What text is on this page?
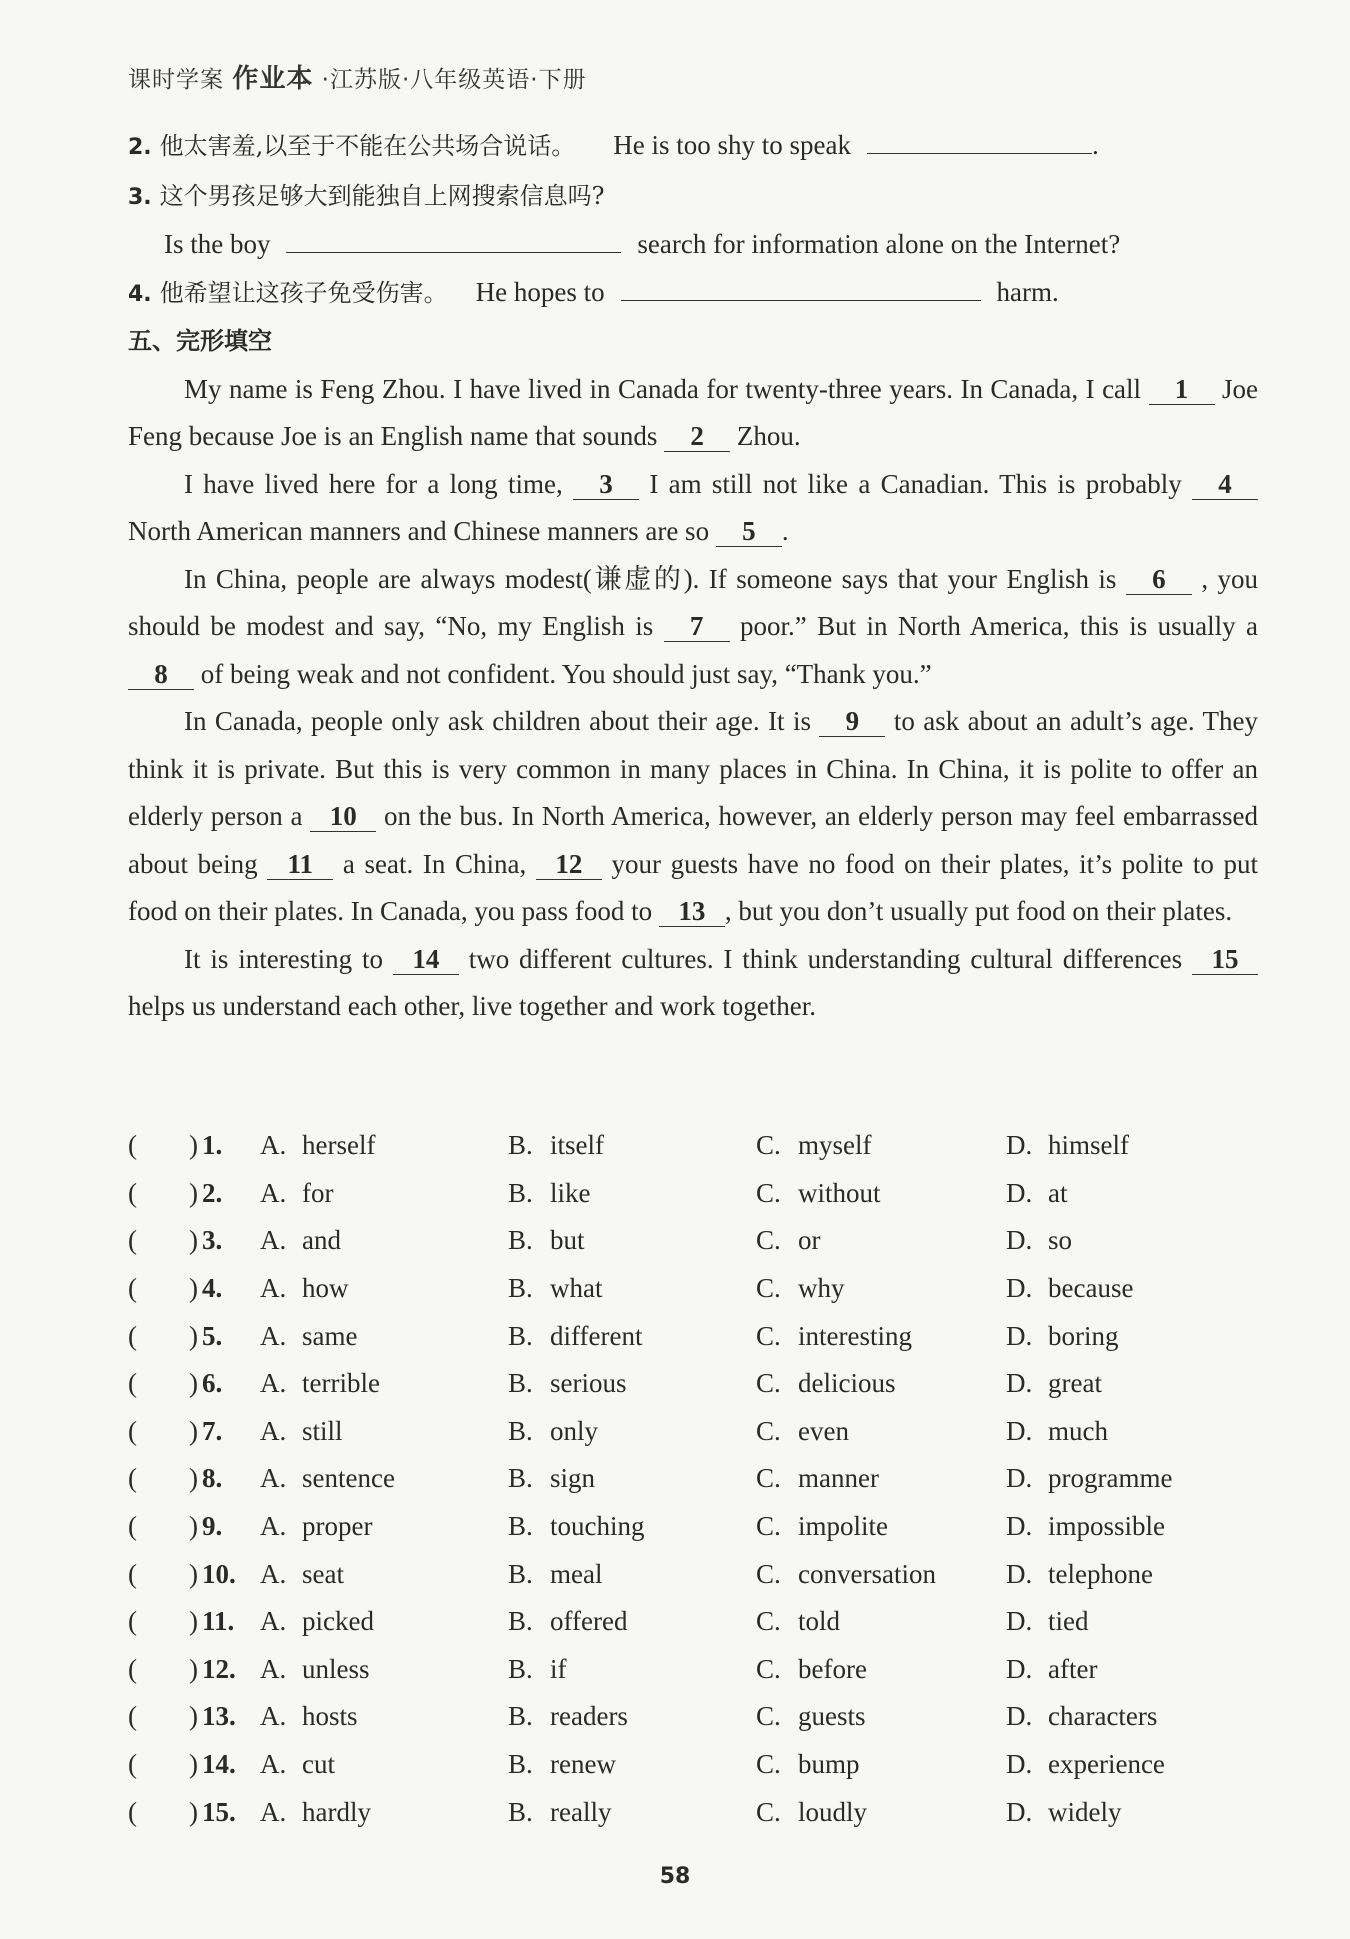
课时学案 作业本 ·江苏版·八年级英语·下册
2. 他太害羞,以至于不能在公共场合说话。 He is too shy to speak	.
3. 这个男孩足够大到能独自上网搜索信息吗?
Is the boy	search for information alone on the Internet?
4. 他希望让这孩子免受伤害。 He hopes to	harm.
五、完形填空
My name is Feng Zhou. I have lived in Canada for twenty-three years. In Canada, I call 1 Joe Feng because Joe is an English name that sounds 2 Zhou.
I have lived here for a long time, 3 I am still not like a Canadian. This is probably 4 North American manners and Chinese manners are so 5 .
In China, people are always modest(谦虚的). If someone says that your English is 6 , you should be modest and say, “No, my English is 7 poor.” But in North America, this is usually a 8 of being weak and not confident. You should just say, “Thank you.”
In Canada, people only ask children about their age. It is 9 to ask about an adult’s age. They think it is private. But this is very common in many places in China. In China, it is polite to offer an elderly person a 10 on the bus. In North America, however, an elderly person may feel embarrassed about being 11 a seat. In China, 12 your guests have no food on their plates, it’s polite to put food on their plates. In Canada, you pass food to 13 , but you don’t usually put food on their plates.
It is interesting to 14 two different cultures. I think understanding cultural differences 15 helps us understand each other, live together and work together.
( ) 1.	A. herself	B. itself	C. myself	D. himself
( ) 2.	A. for	B. like	C. without	D. at
( ) 3.	A. and	B. but	C. or	D. so
( ) 4.	A. how	B. what	C. why	D. because
( ) 5.	A. same	B. different	C. interesting	D. boring
( ) 6.	A. terrible	B. serious	C. delicious	D. great
( ) 7.	A. still	B. only	C. even	D. much
( ) 8.	A. sentence	B. sign	C. manner	D. programme
( ) 9.	A. proper	B. touching	C. impolite	D. impossible
( ) 10. A. seat	B. meal	C. conversation	D. telephone
( ) 11. A. picked	B. offered	C. told	D. tied
( ) 12. A. unless	B. if	C. before	D. after
( ) 13. A. hosts	B. readers	C. guests	D. characters
( ) 14. A. cut	B. renew	C. bump	D. experience
( ) 15. A. hardly	B. really	C. loudly	D. widely
58
